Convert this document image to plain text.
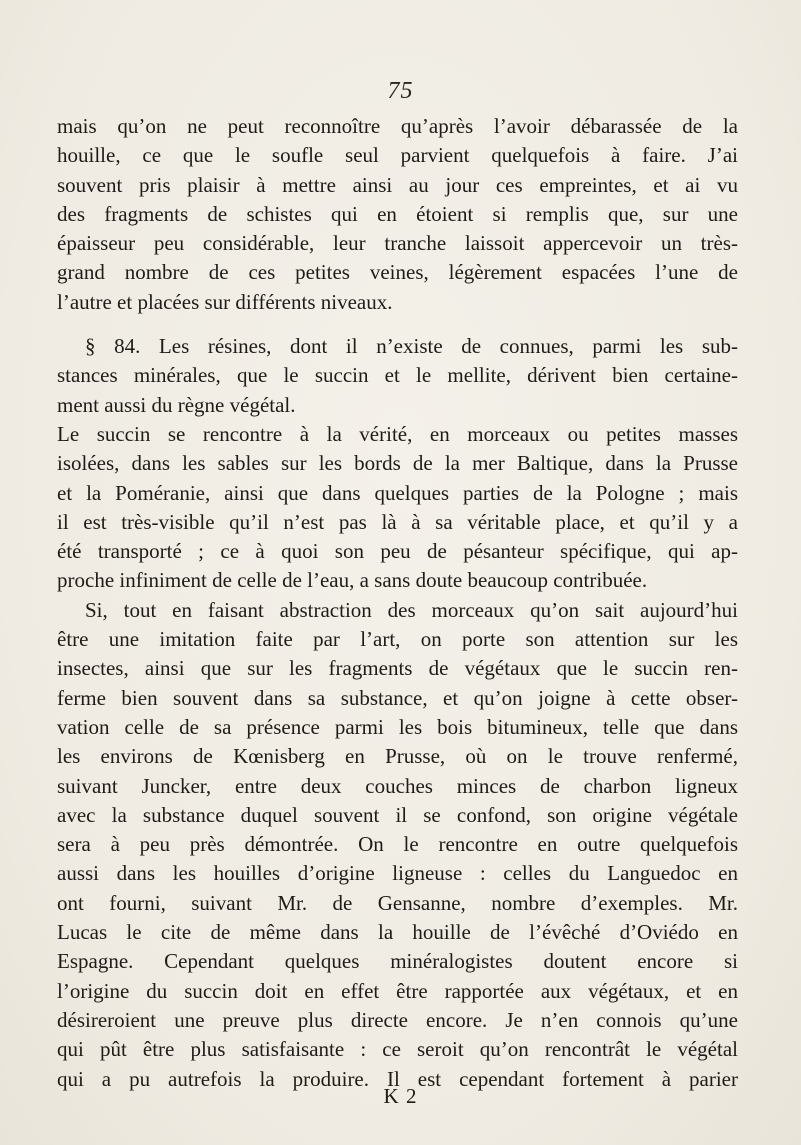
75
mais qu’on ne peut reconnoître qu’après l’avoir débarassée de la
houille, ce que le soufle seul parvient quelquefois à faire. J’ai
souvent pris plaisir à mettre ainsi au jour ces empreintes, et ai vu
des fragments de schistes qui en étoient si remplis que, sur une
épaisseur peu considérable, leur tranche laissoit appercevoir un très-
grand nombre de ces petites veines, légèrement espacées l’une de
l’autre et placées sur différents niveaux.
§ 84. Les résines, dont il n’existe de connues, parmi les sub-
stances minérales, que le succin et le mellite, dérivent bien certaine-
ment aussi du règne végétal.
Le succin se rencontre à la vérité, en morceaux ou petites masses
isolées, dans les sables sur les bords de la mer Baltique, dans la Prusse
et la Poméranie, ainsi que dans quelques parties de la Pologne ; mais
il est très-visible qu’il n’est pas là à sa véritable place, et qu’il y a
été transporté ; ce à quoi son peu de pésanteur spécifique, qui ap-
proche infiniment de celle de l’eau, a sans doute beaucoup contribuée.
Si, tout en faisant abstraction des morceaux qu’on sait aujourd’hui
être une imitation faite par l’art, on porte son attention sur les
insectes, ainsi que sur les fragments de végétaux que le succin ren-
ferme bien souvent dans sa substance, et qu’on joigne à cette obser-
vation celle de sa présence parmi les bois bitumineux, telle que dans
les environs de Kœnisberg en Prusse, où on le trouve renfermé,
suivant Juncker, entre deux couches minces de charbon ligneux
avec la substance duquel souvent il se confond, son origine végétale
sera à peu près démontrée. On le rencontre en outre quelquefois
aussi dans les houilles d’origine ligneuse : celles du Languedoc en
ont fourni, suivant Mr. de Gensanne, nombre d’exemples. Mr.
Lucas le cite de même dans la houille de l’évêché d’Oviédo en
Espagne. Cependant quelques minéralogistes doutent encore si
l’origine du succin doit en effet être rapportée aux végétaux, et en
désireroient une preuve plus directe encore. Je n’en connois qu’une
qui pût être plus satisfaisante : ce seroit qu’on rencontrât le végétal
qui a pu autrefois la produire. Il est cependant fortement à parier
K 2
